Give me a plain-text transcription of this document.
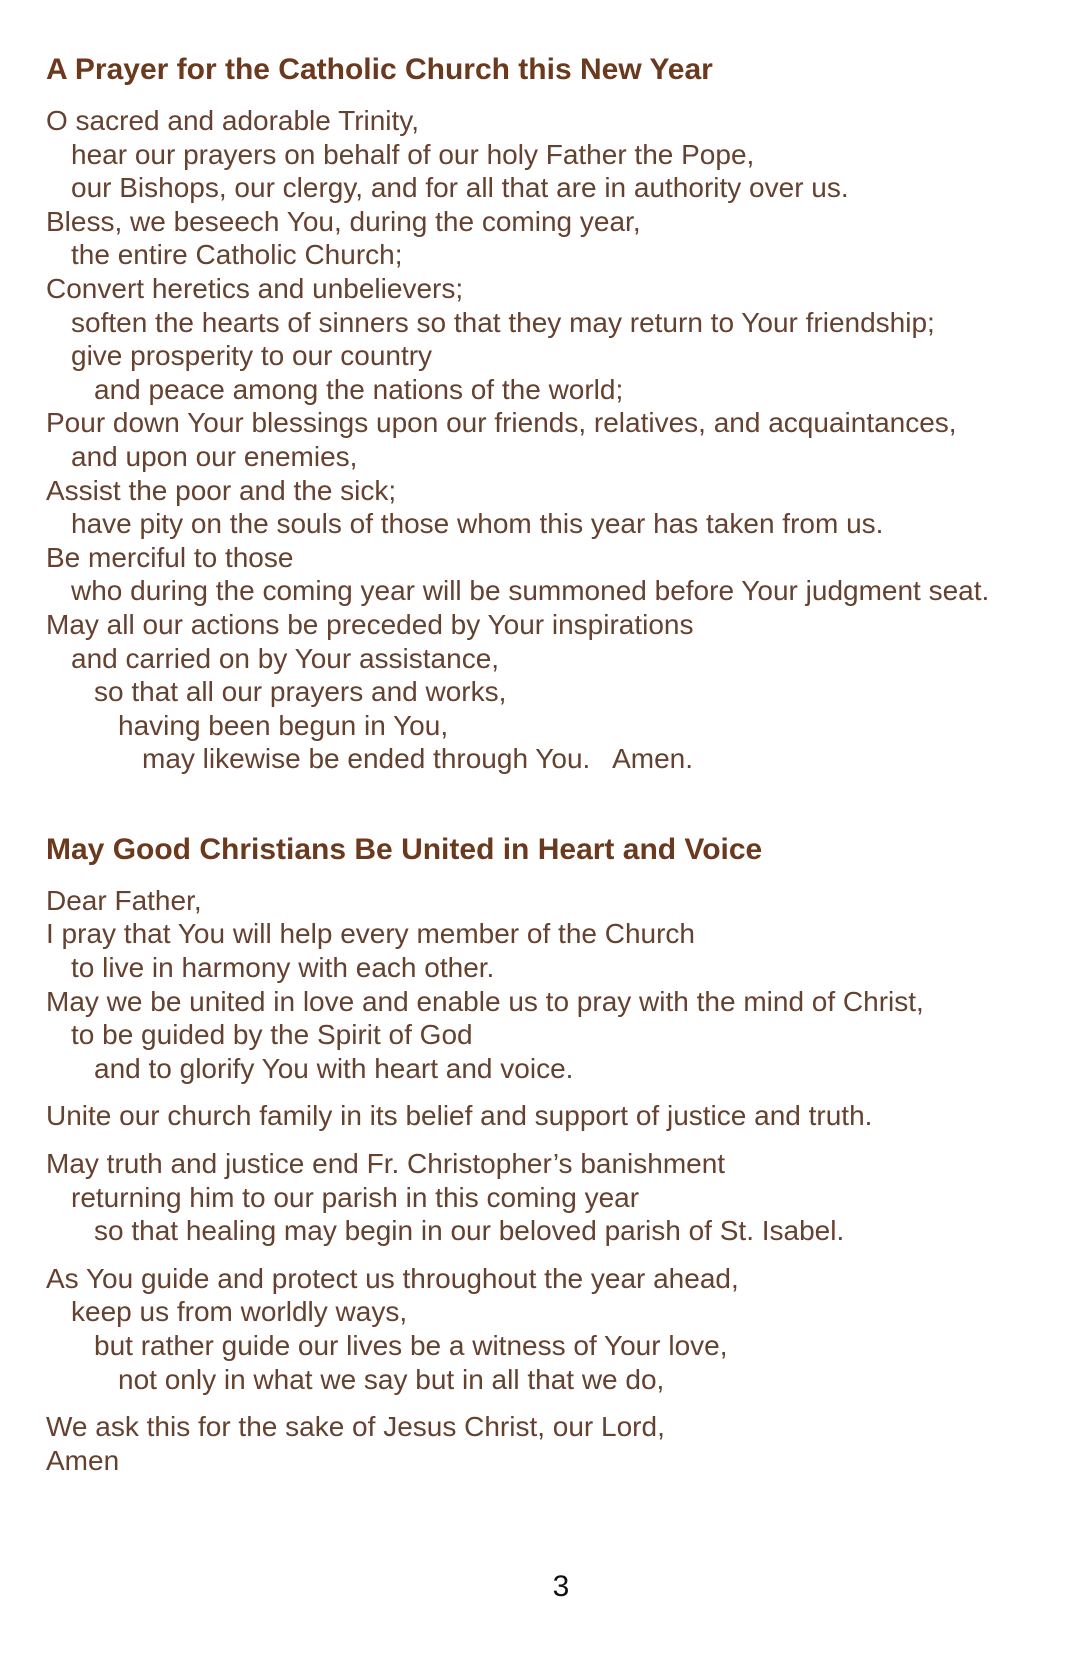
A Prayer for the Catholic Church this New Year
O sacred and adorable Trinity,
hear our prayers on behalf of our holy Father the Pope,
our Bishops, our clergy, and for all that are in authority over us.
Bless, we beseech You, during the coming year,
the entire Catholic Church;
Convert heretics and unbelievers;
soften the hearts of sinners so that they may return to Your friendship;
give prosperity to our country
and peace among the nations of the world;
Pour down Your blessings upon our friends, relatives, and acquaintances,
and upon our enemies,
Assist the poor and the sick;
have pity on the souls of those whom this year has taken from us.
Be merciful to those
who during the coming year will be summoned before Your judgment seat.
May all our actions be preceded by Your inspirations
and carried on by Your assistance,
so that all our prayers and works,
having been begun in You,
may likewise be ended through You.   Amen.
May Good Christians Be United in Heart and Voice
Dear Father,
I pray that You will help every member of the Church
to live in harmony with each other.
May we be united in love and enable us to pray with the mind of Christ,
to be guided by the Spirit of God
and to glorify You with heart and voice.
Unite our church family in its belief and support of justice and truth.
May truth and justice end Fr. Christopher’s banishment
returning him to our parish in this coming year
so that healing may begin in our beloved parish of St. Isabel.
As You guide and protect us throughout the year ahead,
keep us from worldly ways,
but rather guide our lives be a witness of Your love,
not only in what we say but in all that we do,
We ask this for the sake of Jesus Christ, our Lord,
Amen
3
